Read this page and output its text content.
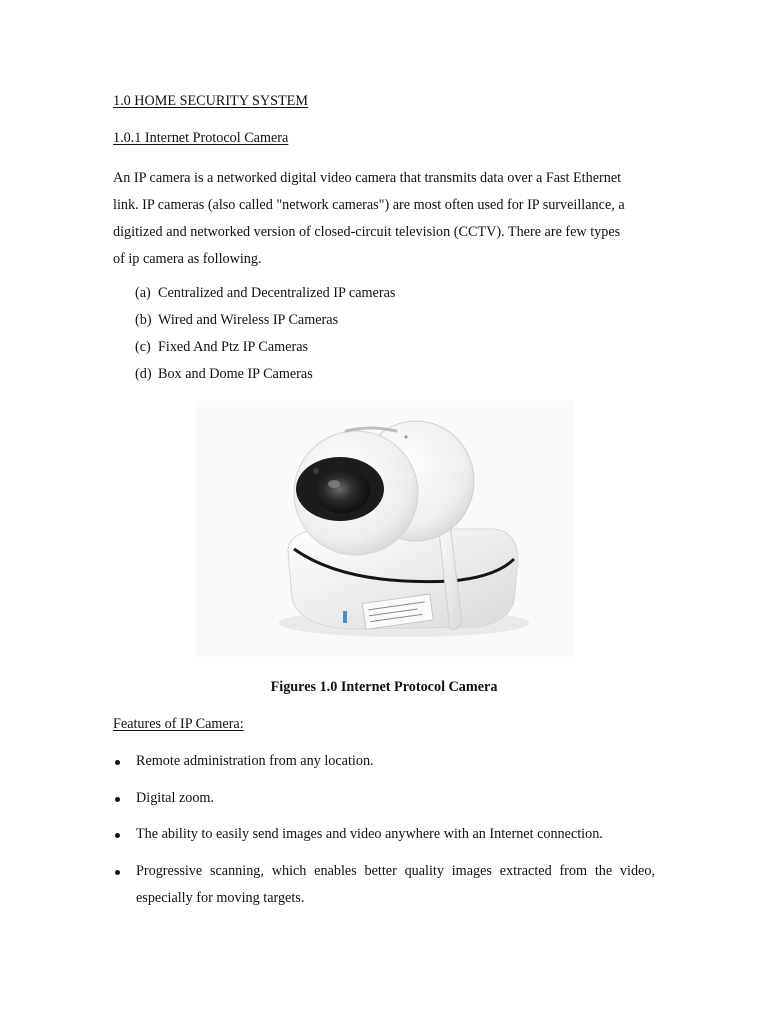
1.0 HOME SECURITY SYSTEM
1.0.1 Internet Protocol Camera
An IP camera is a networked digital video camera that transmits data over a Fast Ethernet
link. IP cameras (also called "network cameras") are most often used for IP surveillance, a
digitized and networked version of closed-circuit television (CCTV). There are few types
of ip camera as following.
(a) Centralized and Decentralized IP cameras
(b) Wired and Wireless IP Cameras
(c) Fixed And Ptz IP Cameras
(d) Box and Dome IP Cameras
Figures 1.0 Internet Protocol Camera
Features of IP Camera:
Remote administration from any location.
Digital zoom.
The ability to easily send images and video anywhere with an Internet connection.
Progressive scanning, which enables better quality images extracted from the video,
especially for moving targets.
